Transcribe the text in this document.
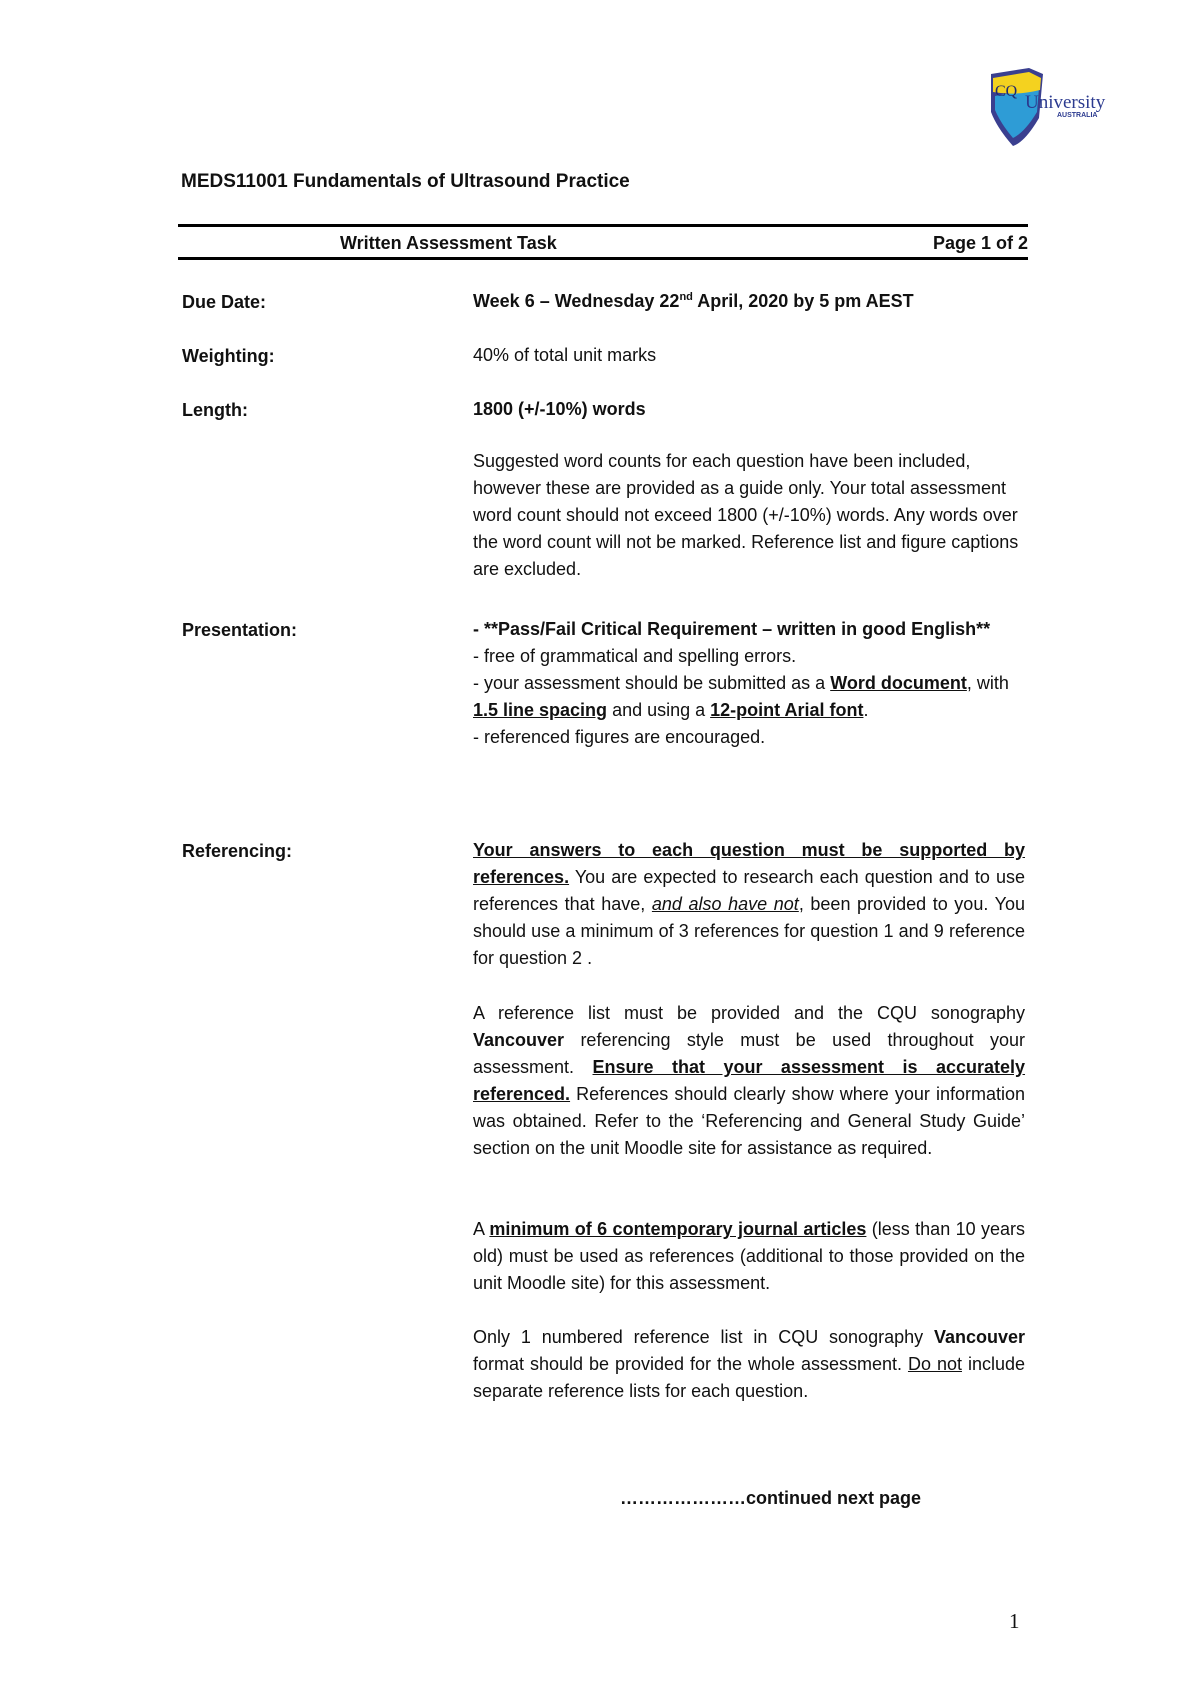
CQ
University
AUSTRALIA
MEDS11001 Fundamentals of Ultrasound Practice
Written Assessment Task	Page 1 of 2
Due Date:	Week 6 – Wednesday 22nd April, 2020 by 5 pm AEST
Weighting:	40% of total unit marks
Length:	1800 (+/-10%) words
Suggested word counts for each question have been included, however these are provided as a guide only. Your total assessment word count should not exceed 1800 (+/-10%) words. Any words over the word count will not be marked. Reference list and figure captions are excluded.
Presentation:	- **Pass/Fail Critical Requirement – written in good English**
- free of grammatical and spelling errors.
- your assessment should be submitted as a Word document, with 1.5 line spacing and using a 12-point Arial font.
- referenced figures are encouraged.
Referencing:	Your answers to each question must be supported by references. You are expected to research each question and to use references that have, and also have not, been provided to you. You should use a minimum of 3 references for question 1 and 9 reference for question 2 .
A reference list must be provided and the CQU sonography Vancouver referencing style must be used throughout your assessment. Ensure that your assessment is accurately referenced. References should clearly show where your information was obtained. Refer to the ‘Referencing and General Study Guide’ section on the unit Moodle site for assistance as required.
A minimum of 6 contemporary journal articles (less than 10 years old) must be used as references (additional to those provided on the unit Moodle site) for this assessment.
Only 1 numbered reference list in CQU sonography Vancouver format should be provided for the whole assessment. Do not include separate reference lists for each question.
…………………continued next page
1
